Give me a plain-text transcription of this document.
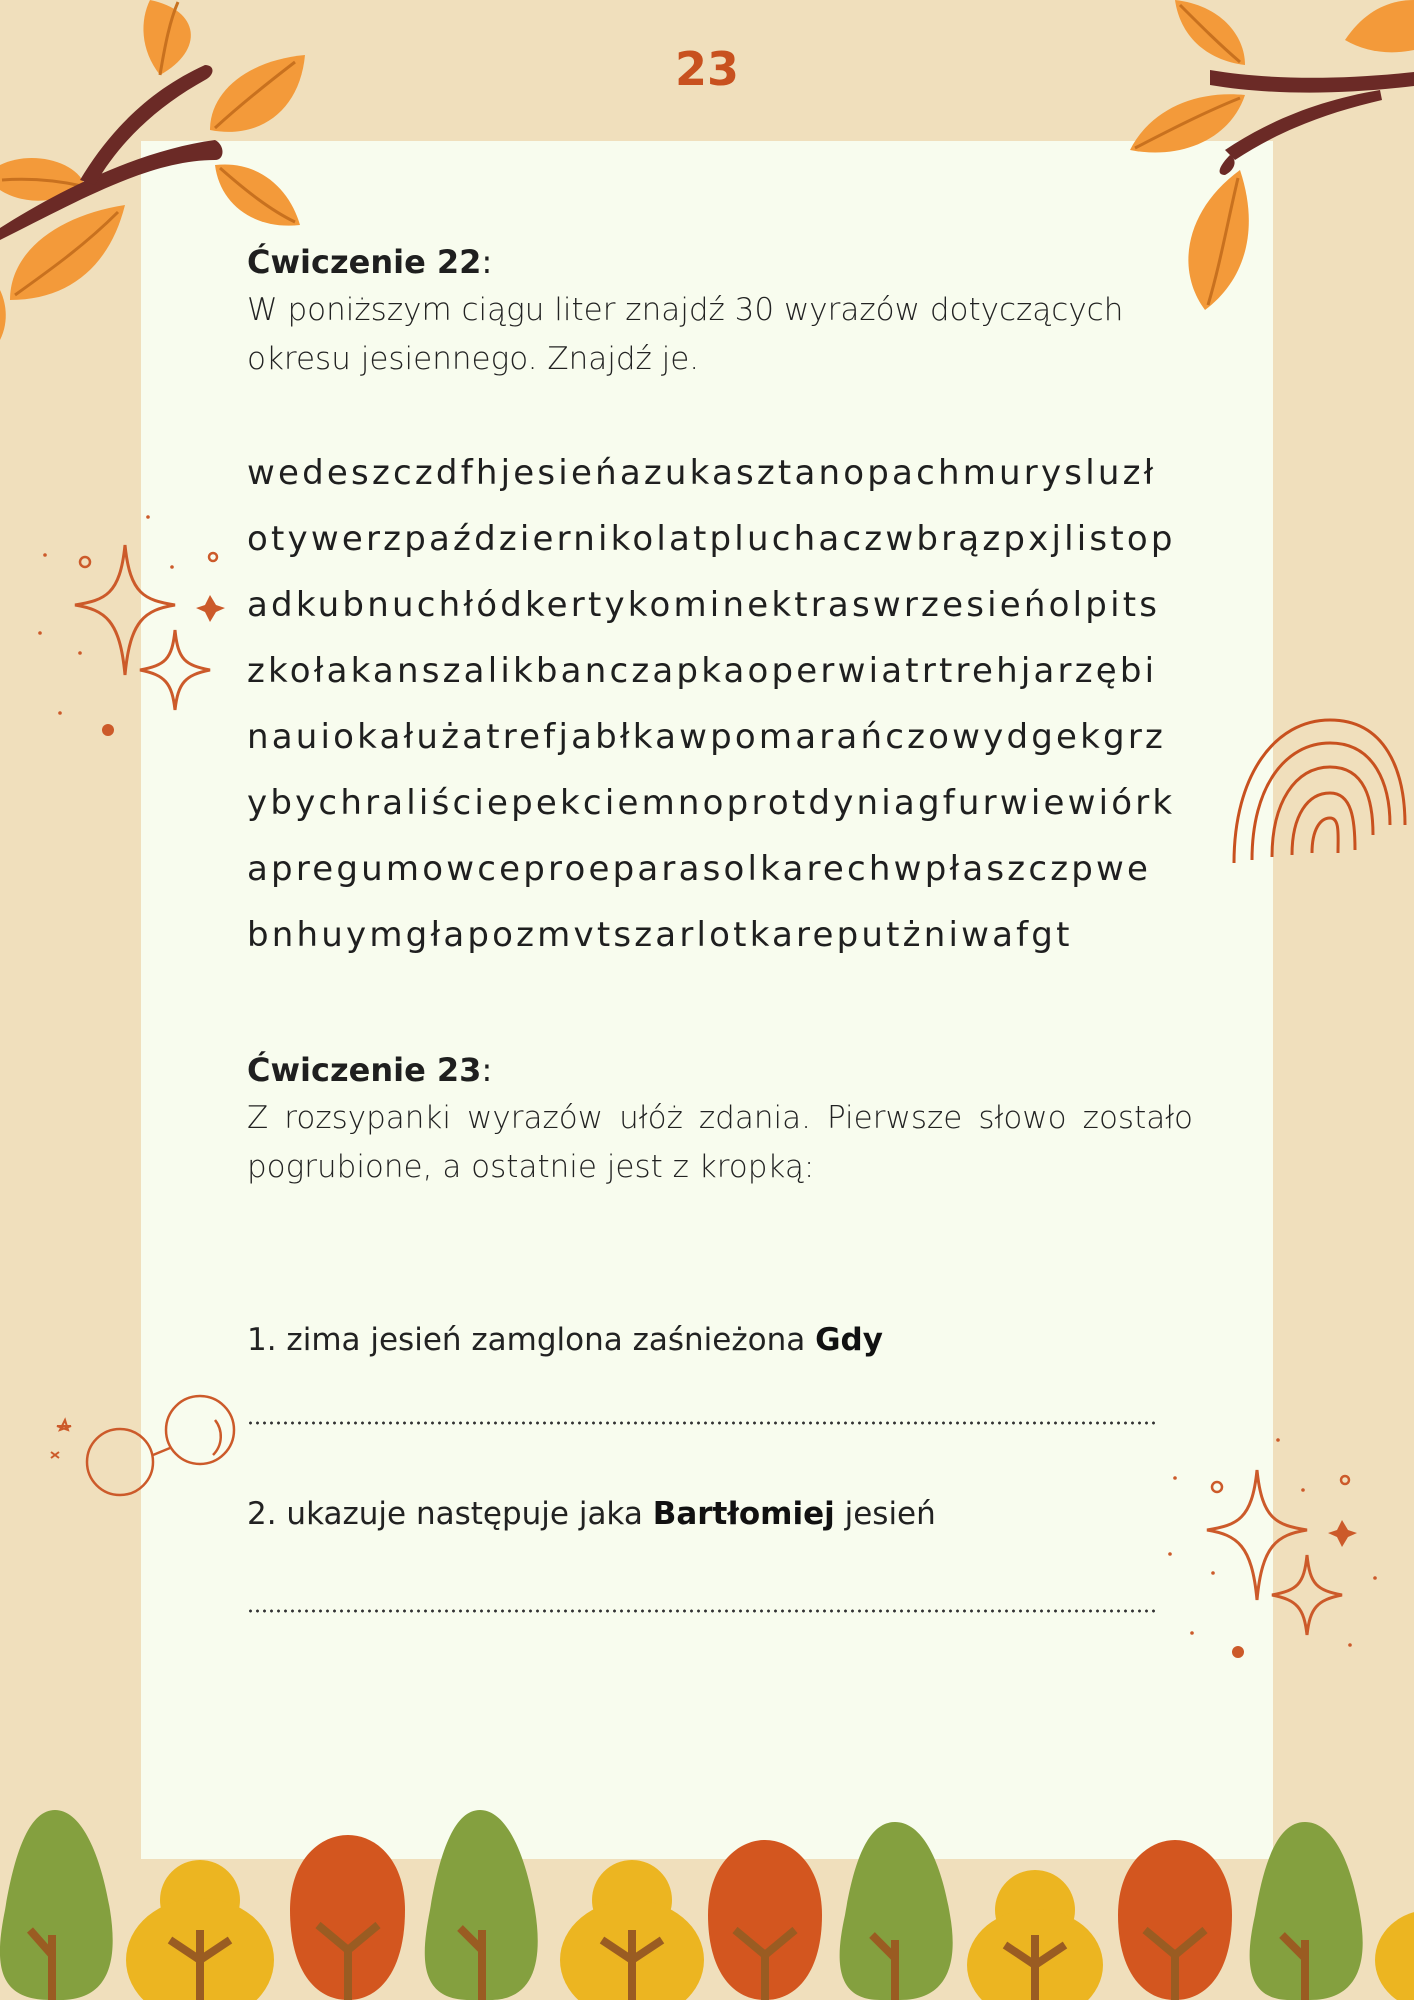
23

Ćwiczenie 22:

W poniższym ciągu liter znajdź 30 wyrazów dotyczących okresu jesiennego. Znajdź je.

wedeszczdfhjesieńazukasztanopachmurysluzł
otywerzpaździernikolatpluchaczwbrązpxjlistop
adkubnuchłódkertykominektraswrzesieńolpits
zkołakanszalikbanczapkaoperwiatrtrehjarzębi
nauiokałużatrefjabłkawpomarańczowydgekgrz
ybychraliściepekciemnoprotdyniagfurwiewiórk
apregumowceproeparasolkarechwpłaszczpwe
bnhuymgłapozmvtszarlotkareputżniwafgt

Ćwiczenie 23:

Z rozsypanki wyrazów ułóż zdania. Pierwsze słowo zostało pogrubione, a ostatnie jest z kropką:

1. zima jesień zamglona zaśnieżona Gdy

2. ukazuje następuje jaka Bartłomiej jesień
